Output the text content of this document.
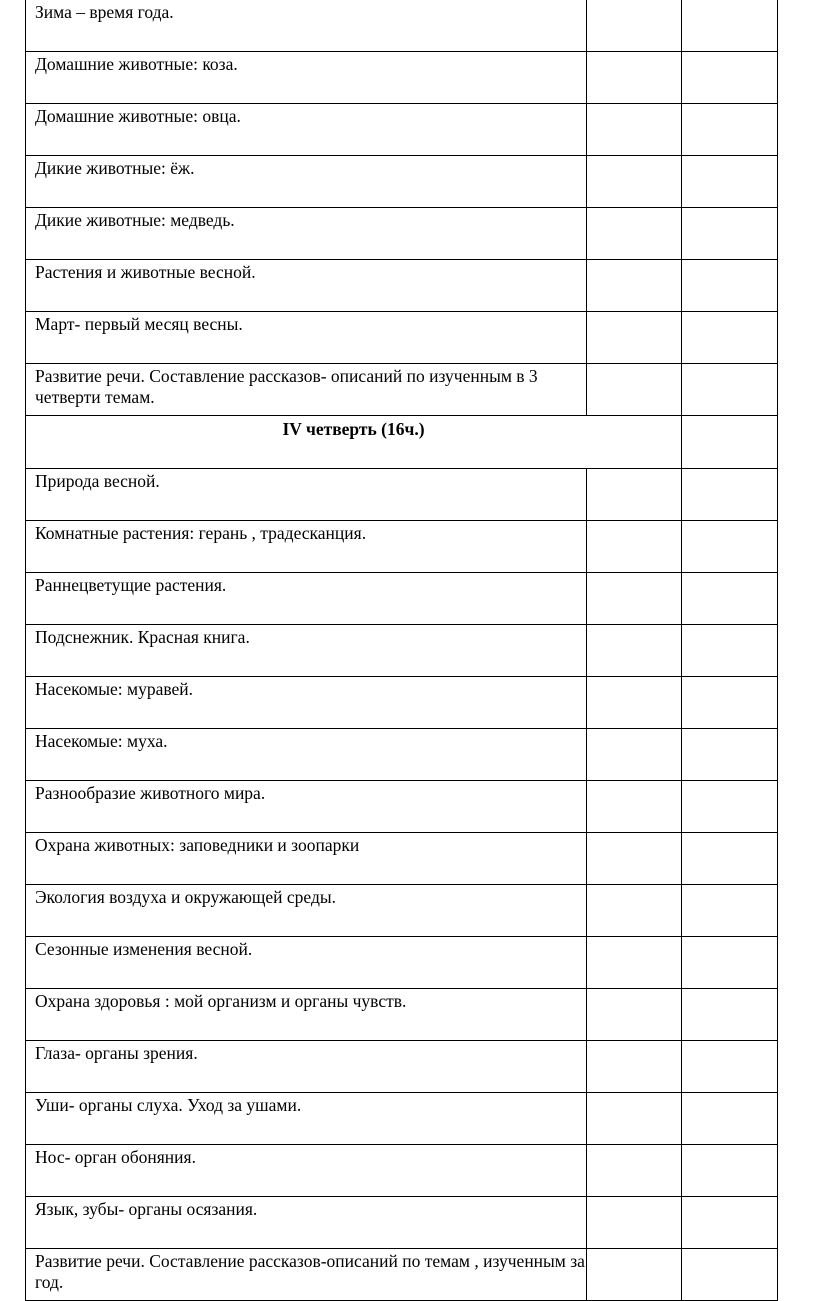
Зима – время года.		
Домашние животные: коза.		
Домашние животные: овца.		
Дикие животные: ёж.		
Дикие животные: медведь.		
Растения и животные весной.		
Март- первый месяц весны.		
Развитие речи. Составление рассказов- описаний по изученным в 3 четверти темам.		
IV четверть (16ч.)		
Природа весной.		
Комнатные растения: герань , традесканция.		
Раннецветущие растения.		
Подснежник. Красная книга.		
Насекомые: муравей.		
Насекомые: муха.		
Разнообразие животного мира.		
Охрана животных: заповедники и зоопарки		
Экология воздуха и окружающей среды.		
Сезонные изменения весной.		
Охрана здоровья : мой организм и органы чувств.		
Глаза- органы зрения.		
Уши- органы слуха. Уход за ушами.		
Нос- орган обоняния.		
Язык, зубы- органы осязания.		
Развитие речи. Составление рассказов-описаний по темам , изученным за год.		
